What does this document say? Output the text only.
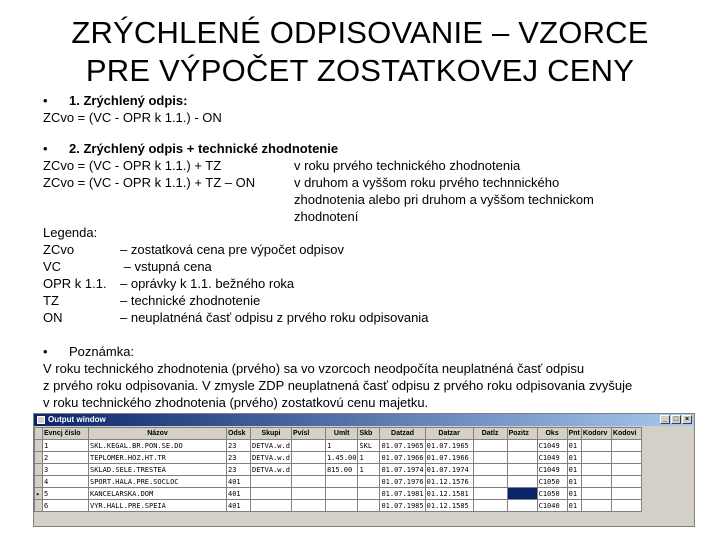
ZRÝCHLENÉ ODPISOVANIE – VZORCE
PRE VÝPOČET ZOSTATKOVEJ CENY
• 1. Zrýchlený odpis:
ZCvo = (VC - OPR k 1.1.) - ON
• 2. Zrýchlený odpis + technické zhodnotenie
ZCvo = (VC - OPR k 1.1.) + TZ	v roku prvého technického zhodnotenia
ZCvo = (VC - OPR k 1.1.) + TZ – ON	v druhom a vyššom roku prvého technnického
zhodnotenia alebo pri druhom a vyššom technickom
zhodnotení
Legenda:
ZCvo	– zostatková cena pre výpočet odpisov
VC	– vstupná cena
OPR k 1.1. – oprávky k 1.1. bežného roka
TZ	– technické zhodnotenie
ON	– neuplatnéná časť odpisu z prvého roku odpisovania
• Poznámka:
V roku technického zhodnotenia (prvého) sa vo vzorcoch neodpočíta neuplatnéná časť odpisu
z prvého roku odpisovania. V zmysle ZDP neuplatnená časť odpisu z prvého roku odpisovania zvyšuje
v roku technického zhodnotenia (prvého) zostatkovú cenu majetku.
Output window	_ □ ×
	Evncj číslo	Názov	Odsk	Skupi	Pvísl	Umlt	Skb	Datzad	Datzar	Datlz	Pozitz	Oks	Pnt	Kodorv	Kodovi
	1	SKL.KEGAL.BR.PON.SE.DO	23	DETVA.w.d		1	SKL	01.07.1965	01.07.1965			C1049	01		
	2	TEPLOMER.HOZ.HT.TR	23	DETVA.w.d		1.45.00	1	01.07.1966	01.07.1966			C1049	01		
	3	SKLAD.SELE.TRESTEA	23	DETVA.w.d		815.00	1	01.07.1974	01.07.1974			C1049	01		
	4	SPORT.HALA.PRE.SOCLOC	401					01.07.1976	01.12.1576			C1050	01		
▸	5	KANCELARSKA.DOM	401					01.07.1981	01.12.1581			C1050	01		
	6	VYR.HALL.PRE.SPEIA	401					01.07.1985	01.12.1585			C1040	01		
